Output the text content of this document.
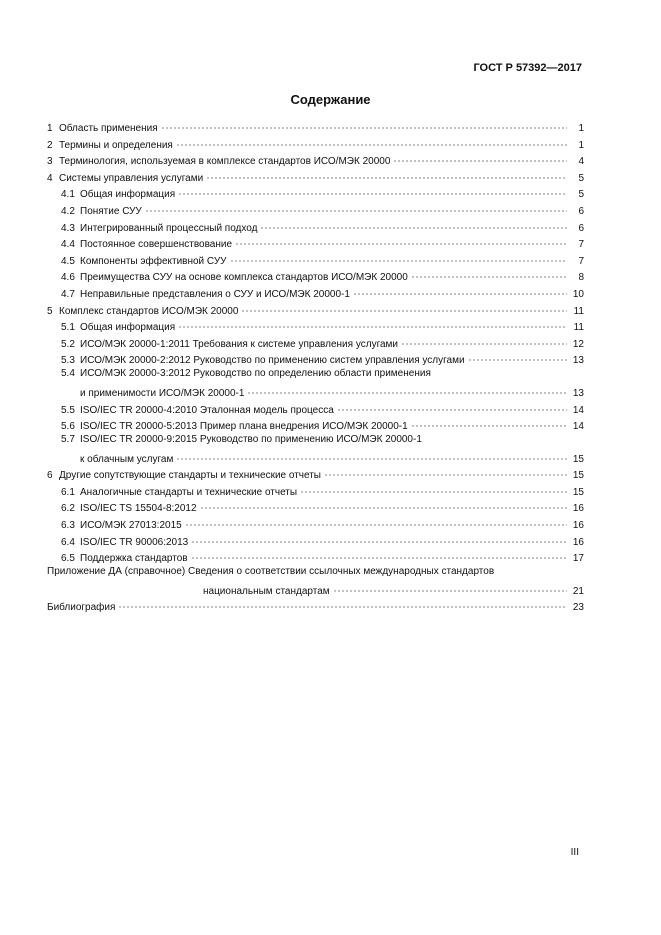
ГОСТ Р 57392—2017
Содержание
1 Область применения	1
2 Термины и определения	1
3 Терминология, используемая в комплексе стандартов ИСО/МЭК 20000	4
4 Системы управления услугами	5
4.1 Общая информация	5
4.2 Понятие СУУ	6
4.3 Интегрированный процессный подход	6
4.4 Постоянное совершенствование	7
4.5 Компоненты эффективной СУУ	7
4.6 Преимущества СУУ на основе комплекса стандартов ИСО/МЭК 20000	8
4.7 Неправильные представления о СУУ и ИСО/МЭК 20000-1	10
5 Комплекс стандартов ИСО/МЭК 20000	11
5.1 Общая информация	11
5.2 ИСО/МЭК 20000-1:2011 Требования к системе управления услугами	12
5.3 ИСО/МЭК 20000-2:2012 Руководство по применению систем управления услугами	13
5.4 ИСО/МЭК 20000-3:2012 Руководство по определению области применения
и применимости ИСО/МЭК 20000-1	13
5.5 ISO/IEC TR 20000-4:2010 Эталонная модель процесса	14
5.6 ISO/IEC TR 20000-5:2013 Пример плана внедрения ИСО/МЭК 20000-1	14
5.7 ISO/IEC TR 20000-9:2015 Руководство по применению ИСО/МЭК 20000-1
к облачным услугам	15
6 Другие сопутствующие стандарты и технические отчеты	15
6.1 Аналогичные стандарты и технические отчеты	15
6.2 ISO/IEC TS 15504-8:2012	16
6.3 ИСО/МЭК 27013:2015	16
6.4 ISO/IEC TR 90006:2013	16
6.5 Поддержка стандартов	17
Приложение ДА (справочное) Сведения о соответствии ссылочных международных стандартов
национальным стандартам	21
Библиография	23
III
